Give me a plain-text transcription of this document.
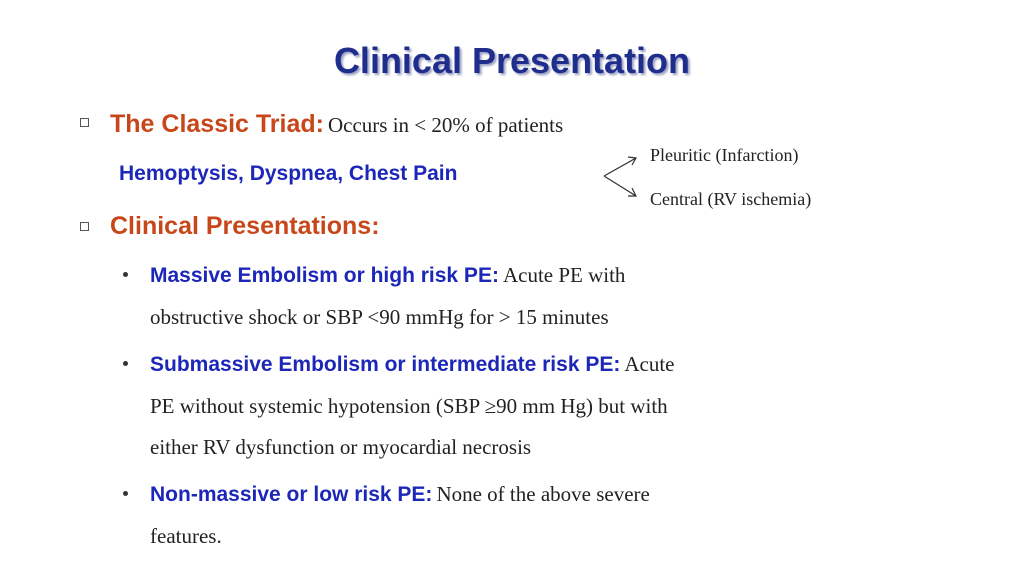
Clinical Presentation
The Classic Triad: Occurs in < 20% of patients
Hemoptysis, Dyspnea, Chest Pain
Pleuritic (Infarction)
Central (RV ischemia)
Clinical Presentations:
Massive Embolism or high risk PE: Acute PE with
obstructive shock or SBP <90 mmHg for > 15 minutes
Submassive Embolism or intermediate risk PE: Acute
PE without systemic hypotension (SBP ≥90 mm Hg) but with
either RV dysfunction or myocardial necrosis
Non-massive or low risk PE: None of the above severe
features.
